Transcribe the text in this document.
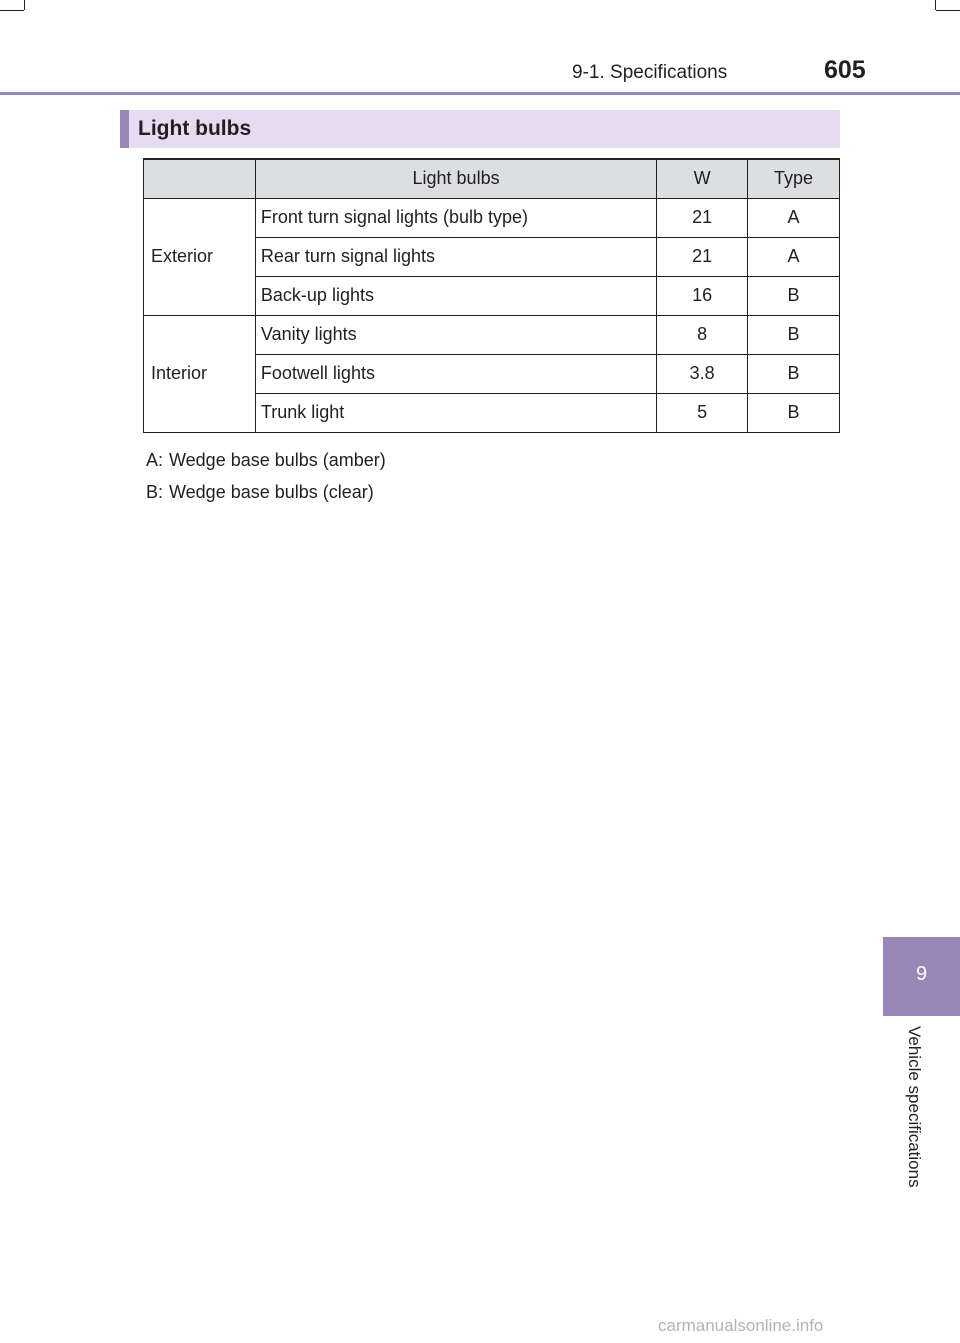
9-1. Specifications	605
Light bulbs
	Light bulbs	W	Type
Exterior	Front turn signal lights (bulb type)	21	A
	Rear turn signal lights	21	A
	Back-up lights	16	B
Interior	Vanity lights	8	B
	Footwell lights	3.8	B
	Trunk light	5	B
A: Wedge base bulbs (amber)
B: Wedge base bulbs (clear)
9
Vehicle specifications
carmanualsonline.info
